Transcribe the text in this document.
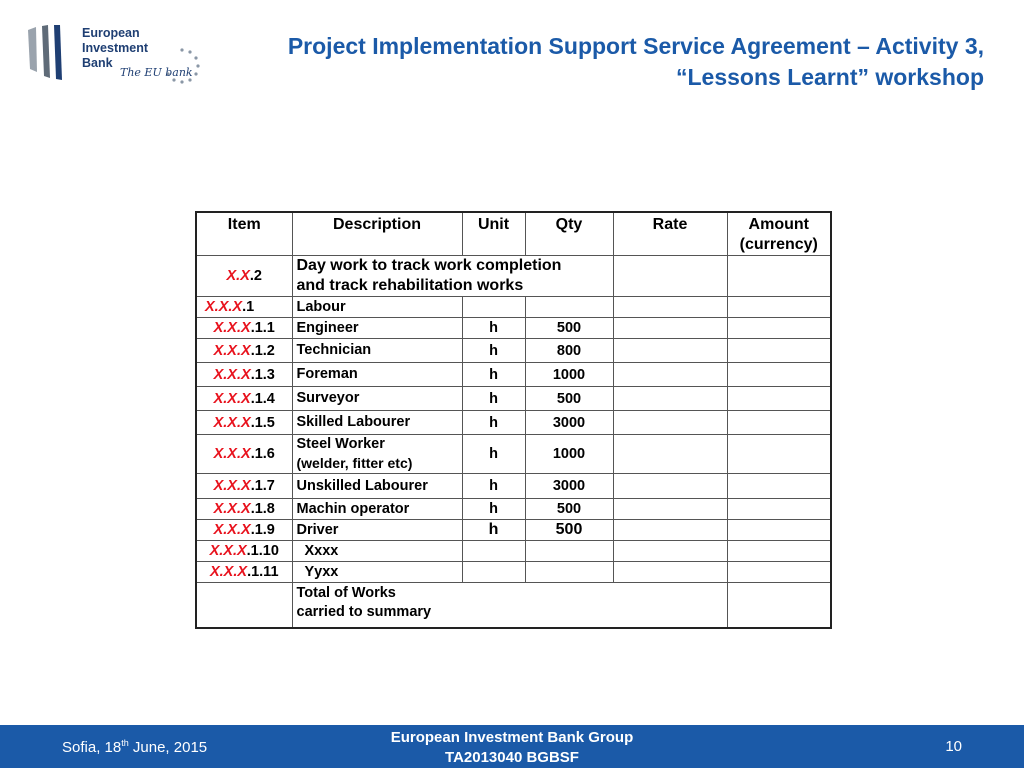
European
Investment
Bank
The EU bank
Project Implementation Support Service Agreement – Activity 3,
“Lessons Learnt” workshop
Item	Description	Unit	Qty	Rate	Amount (currency)
X.X.2	Day work to track work completion
and track rehabilitation works				

X.X.X.1	Labour				
X.X.X.1.1	Engineer	h	500		
X.X.X.1.2	Technician	h	800		
X.X.X.1.3	Foreman	h	1000		
X.X.X.1.4	Surveyor	h	500		
X.X.X.1.5	Skilled Labourer	h	3000		
X.X.X.1.6	Steel Worker
(welder, fitter etc)	h	1000		
X.X.X.1.7	Unskilled Labourer	h	3000		
X.X.X.1.8	Machin operator	h	500		
X.X.X.1.9	Driver	h	500		
X.X.X.1.10	Xxxx				
X.X.X.1.11	Yyxx				

	Total of Works
carried to summary				

Sofia, 18th June, 2015
European Investment Bank Group
TA2013040 BGBSF
10
